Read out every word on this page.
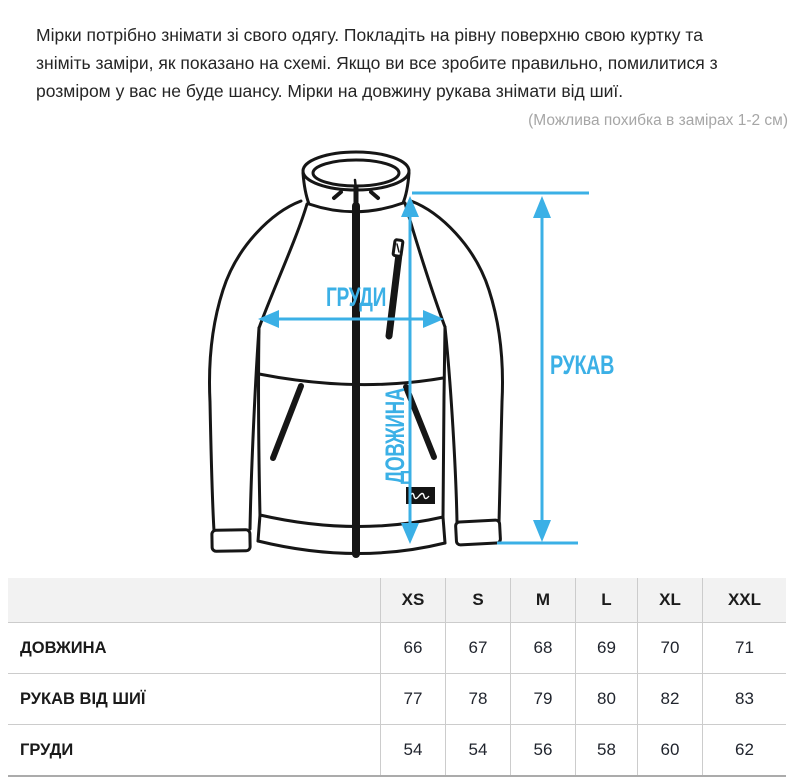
Мірки потрібно знімати зі свого одягу. Покладіть на рівну поверхню свою куртку та
зніміть заміри, як показано на схемі. Якщо ви все зробите правильно, помилитися з
розміром у вас не буде шансу. Мірки на довжину рукава знімати від шиї.
(Можлива похибка в замірах 1-2 см)
ДОВЖИНА
ГРУДИ
РУКАВ
XS	S	M	L	XL	XXL
ДОВЖИНА	66	67	68	69	70	71
РУКАВ ВІД ШИЇ	77	78	79	80	82	83
ГРУДИ	54	54	56	58	60	62
